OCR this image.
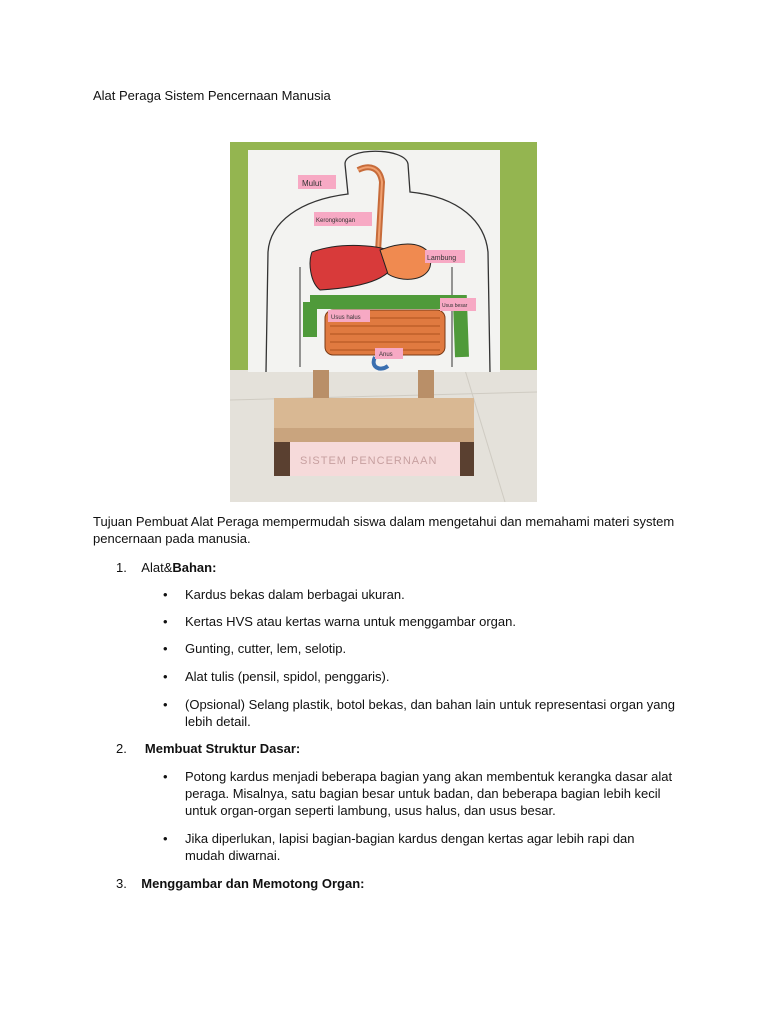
Alat Peraga Sistem Pencernaan Manusia
Mulut
Kerongkongan
Lambung
Usus besar
Usus halus
Anus
SISTEM PENCERNAAN
Tujuan Pembuat Alat Peraga mempermudah siswa dalam mengetahui dan memahami materi system pencernaan pada manusia.
1. Alat&Bahan:
• Kardus bekas dalam berbagai ukuran.
• Kertas HVS atau kertas warna untuk menggambar organ.
• Gunting, cutter, lem, selotip.
• Alat tulis (pensil, spidol, penggaris).
• (Opsional) Selang plastik, botol bekas, dan bahan lain untuk representasi organ yang lebih detail.
2. Membuat Struktur Dasar:
• Potong kardus menjadi beberapa bagian yang akan membentuk kerangka dasar alat peraga. Misalnya, satu bagian besar untuk badan, dan beberapa bagian lebih kecil untuk organ-organ seperti lambung, usus halus, dan usus besar.
• Jika diperlukan, lapisi bagian-bagian kardus dengan kertas agar lebih rapi dan mudah diwarnai.
3. Menggambar dan Memotong Organ:
